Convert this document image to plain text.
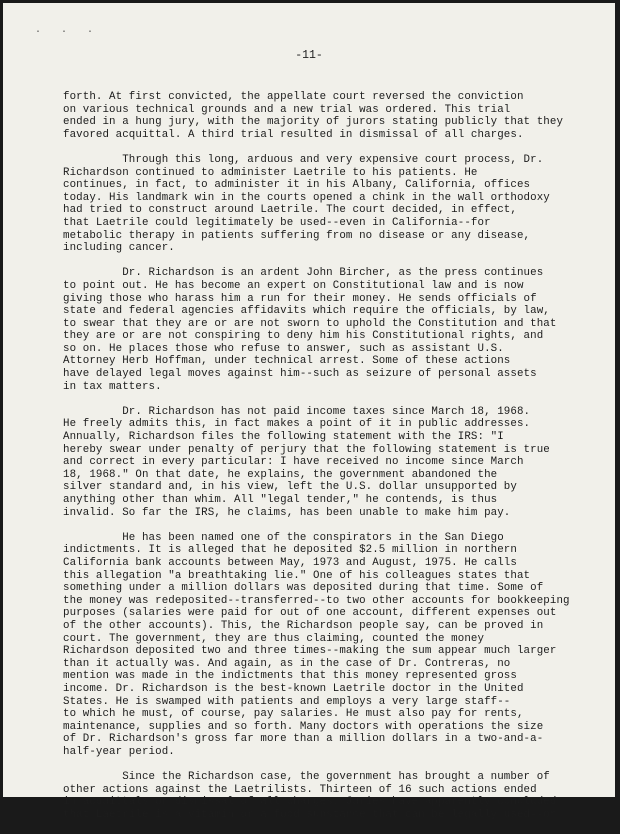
. . .
-11-

forth. At first convicted, the appellate court reversed the conviction
on various technical grounds and a new trial was ordered. This trial
ended in a hung jury, with the majority of jurors stating publicly that they
favored acquittal. A third trial resulted in dismissal of all charges.

Through this long, arduous and very expensive court process, Dr.
Richardson continued to administer Laetrile to his patients. He
continues, in fact, to administer it in his Albany, California, offices
today. His landmark win in the courts opened a chink in the wall orthodoxy
had tried to construct around Laetrile. The court decided, in effect,
that Laetrile could legitimately be used--even in California--for
metabolic therapy in patients suffering from no disease or any disease,
including cancer.

Dr. Richardson is an ardent John Bircher, as the press continues
to point out. He has become an expert on Constitutional law and is now
giving those who harass him a run for their money. He sends officials of
state and federal agencies affidavits which require the officials, by law,
to swear that they are or are not sworn to uphold the Constitution and that
they are or are not conspiring to deny him his Constitutional rights, and
so on. He places those who refuse to answer, such as assistant U.S.
Attorney Herb Hoffman, under technical arrest. Some of these actions
have delayed legal moves against him--such as seizure of personal assets
in tax matters.

Dr. Richardson has not paid income taxes since March 18, 1968.
He freely admits this, in fact makes a point of it in public addresses.
Annually, Richardson files the following statement with the IRS: "I
hereby swear under penalty of perjury that the following statement is true
and correct in every particular: I have received no income since March
18, 1968." On that date, he explains, the government abandoned the
silver standard and, in his view, left the U.S. dollar unsupported by
anything other than whim. All "legal tender," he contends, is thus
invalid. So far the IRS, he claims, has been unable to make him pay.

He has been named one of the conspirators in the San Diego
indictments. It is alleged that he deposited $2.5 million in northern
California bank accounts between May, 1973 and August, 1975. He calls
this allegation "a breathtaking lie." One of his colleagues states that
something under a million dollars was deposited during that time. Some of
the money was redeposited--transferred--to two other accounts for bookkeeping
purposes (salaries were paid for out of one account, different expenses out
of the other accounts). This, the Richardson people say, can be proved in
court. The government, they are thus claiming, counted the money
Richardson deposited two and three times--making the sum appear much larger
than it actually was. And again, as in the case of Dr. Contreras, no
mention was made in the indictments that this money represented gross
income. Dr. Richardson is the best-known Laetrile doctor in the United
States. He is swamped with patients and employs a very large staff--
to which he must, of course, pay salaries. He must also pay for rents,
maintenance, supplies and so forth. Many doctors with operations the size
of Dr. Richardson's gross far more than a million dollars in a two-and-a-
half-year period.

Since the Richardson case, the government has brought a number of
other actions against the Laetrilists. Thirteen of 16 such actions ended
in acquittals or dismissal of all charges. Juries have apparently concluded
that Laetrile is a vitamin or a food substance that can be legally used--or
